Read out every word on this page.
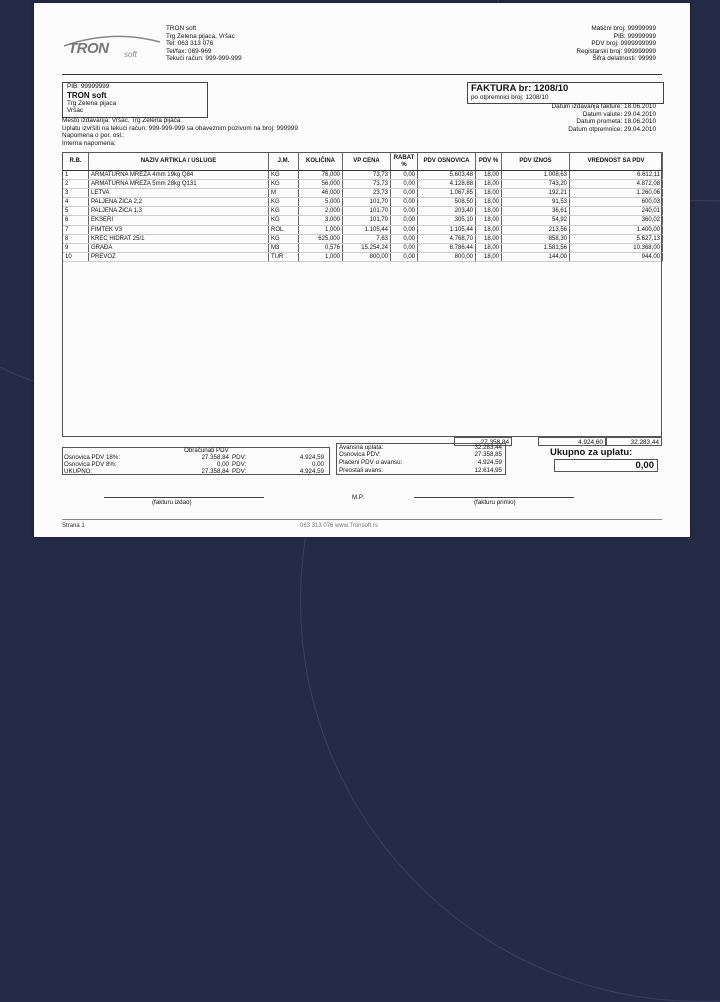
TRON soft
TRON soft
Trg Zelena pijaca, Vršac
Tel: 063 313 076
Tel/fax: 069-969
Tekući račun: 999-999-999
Matični broj: 99999999
PIB: 99999999
PDV broj: 9999999999
Registarski broj: 999999999
Šifra delatnosti: 99999
PIB: 99999999
TRON soft
Trg Zelena pijaca
Vršac
FAKTURA br: 1208/10
po otpremnici broj: 1208/10
Datum izdavanja fakture: 18.06.2010
Datum valute: 29.04.2010
Datum prometa: 18.06.2010
Datum otpremnice: 29.04.2010
Mesto izdavanja: Vršac, Trg Zelena pijaca
Uplatu izvršiti na tekući račun: 999-999-999 sa obaveznim pozivom na broj: 999999
Napomena o por. osl.:
Interna napomena:
R.B.	NAZIV ARTIKLA / USLUGE	J.M.	KOLIČINA	VP CENA	RABAT %	PDV OSNOVICA	PDV %	PDV IZNOS	VREDNOST SA PDV
1	ARMATURNA MREŽA 4mm 19kg Q84	KG	76,000	73,73	0,00	5.603,48	18,00	1.008,63	6.612,11
2	ARMATURNA MREŽA 5mm 28kg Q131	KG	56,000	73,73	0,00	4.128,88	18,00	743,20	4.872,08
3	LETVA	M	46,000	23,73	0,00	1.067,85	18,00	192,21	1.260,06
4	PALJENA ŽICA 2,2	KG	5,000	101,70	0,00	508,50	18,00	91,53	600,03
5	PALJENA ŽICA 1,3	KG	2,000	101,70	0,00	203,40	18,00	36,61	240,01
6	EKSERI	KG	3,000	101,70	0,00	305,10	18,00	54,92	360,02
7	FIMTEK V3	ROL	1,000	1.105,44	0,00	1.105,44	18,00	213,56	1.400,00
8	KREČ HIDRAT 25/1	KG	625,000	7,63	0,00	4.768,70	18,00	858,30	5.627,13
9	GRAĐA	M3	0,576	15.254,24	0,00	8.786,44	18,00	1.581,56	10.368,00
10	PREVOZ	TUR	1,000	800,00	0,00	800,00	18,00	144,00	944,00
27.358,84	4.924,60	32.283,44
Obračunati PDV
Osnovica PDV 18%:	27.358,84 PDV:	4.924,59
Osnovica PDV 8%:	0,00 PDV:	0,00
UKUPNO:	27.358,84 PDV:	4.924,59
Avansna uplata:	32.283,44
Osnovica PDV:	27.358,85
Plaćeni PDV u avansu:	4.924,59
Preostali avans:	12.614,95
Ukupno za uplatu:
0,00
(fakturu izdao)
M.P.
(fakturu primio)
Strana 1	063 313 076 www.Tronsoft.rs
